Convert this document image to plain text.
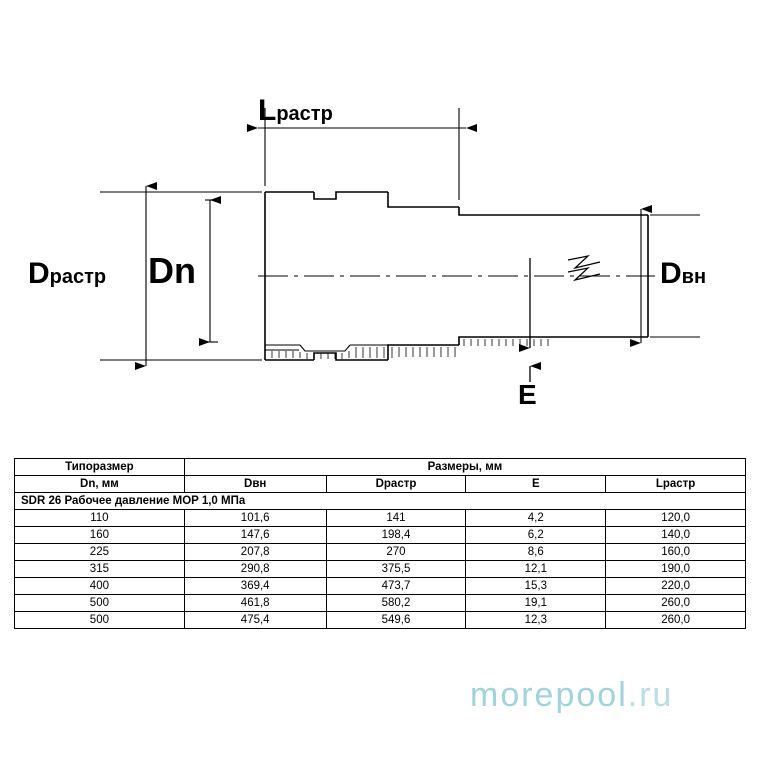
Lрастр
Dрастр Dn	Dвн
E
Типоразмер	Размеры, мм			
Dn, мм	Dвн	Dрастр	E	Lрастр
SDR 26 Рабочее давление MOP 1,0 МПа				
110	101,6	141	4,2	120,0
160	147,6	198,4	6,2	140,0
225	207,8	270	8,6	160,0
315	290,8	375,5	12,1	190,0
400	369,4	473,7	15,3	220,0
500	461,8	580,2	19,1	260,0
500	475,4	549,6	12,3	260,0
morepool.ru
